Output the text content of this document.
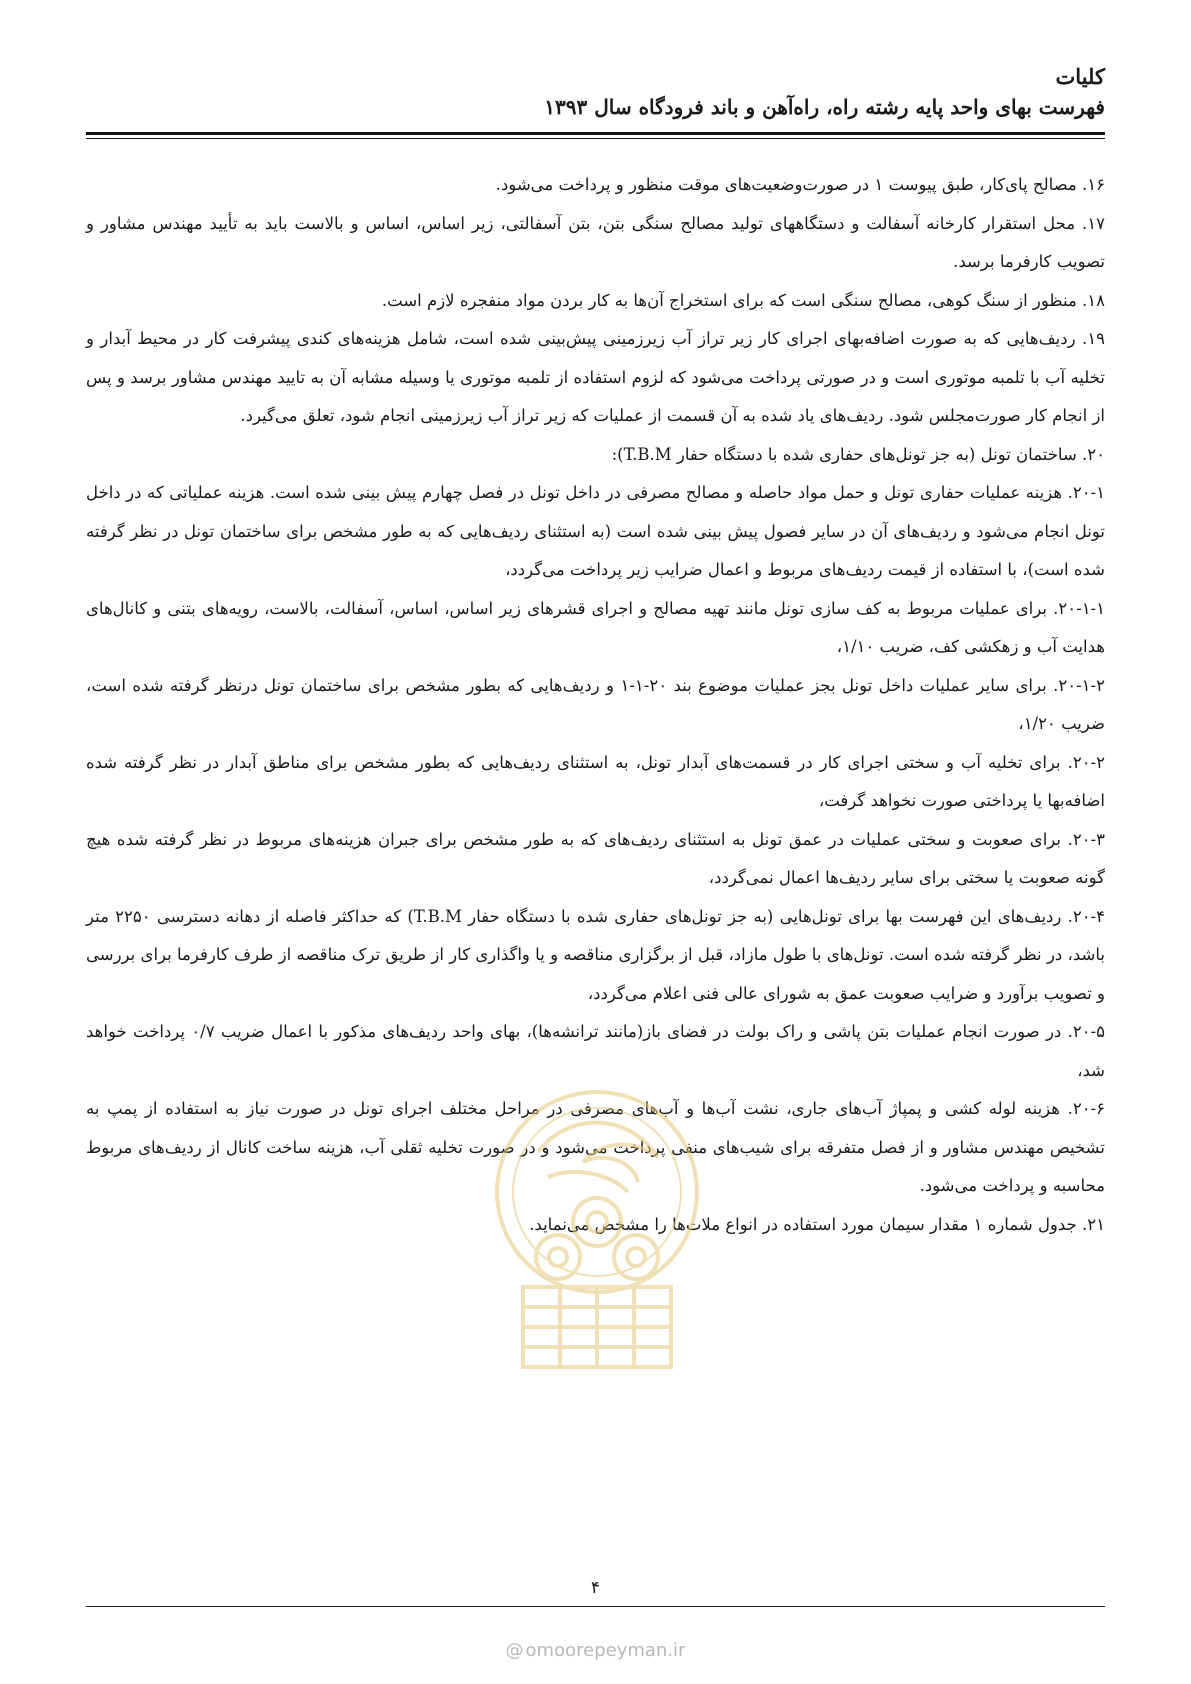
کلیات
فهرست بهای واحد پایه رشته راه، راه‌آهن و باند فرودگاه سال ۱۳۹۳

۱۶. مصالح پای‌کار، طبق پیوست ۱ در صورت‌وضعیت‌های موقت منظور و پرداخت می‌شود.

۱۷. محل استقرار کارخانه آسفالت و دستگاههای تولید مصالح سنگی بتن، بتن آسفالتی، زیر اساس، اساس و بالاست باید به تأیید مهندس مشاور و تصویب کارفرما برسد.

۱۸. منظور از سنگ کوهی، مصالح سنگی است که برای استخراج آن‌ها به کار بردن مواد منفجره لازم است.

۱۹. ردیف‌هایی که به صورت اضافه‌بهای اجرای کار زیر تراز آب زیرزمینی پیش‌بینی شده است، شامل هزینه‌های کندی پیشرفت کار در محیط آبدار و تخلیه آب با تلمبه موتوری است و در صورتی پرداخت می‌شود که لزوم استفاده از تلمبه موتوری یا وسیله مشابه آن به تایید مهندس مشاور برسد و پس از انجام کار صورت‌مجلس شود. ردیف‌های یاد شده به آن قسمت از عملیات که زیر تراز آب زیرزمینی انجام شود، تعلق می‌گیرد.

۲۰. ساختمان تونل (به جز تونل‌های حفاری شده با دستگاه حفار T.B.M):

۲۰-۱. هزینه عملیات حفاری تونل و حمل مواد حاصله و مصالح مصرفی در داخل تونل در فصل چهارم پیش بینی شده است. هزینه عملیاتی که در داخل تونل انجام می‌شود و ردیف‌های آن در سایر فصول پیش بینی شده است (به استثنای ردیف‌هایی که به طور مشخص برای ساختمان تونل در نظر گرفته شده است)، با استفاده از قیمت ردیف‌های مربوط و اعمال ضرایب زیر پرداخت می‌گردد،

۲۰-۱-۱. برای عملیات مربوط به کف سازی تونل مانند تهیه مصالح و اجرای قشرهای زیر اساس، اساس، آسفالت، بالاست، رویه‌های بتنی و کانال‌های هدایت آب و زهکشی کف، ضریب ۱/۱۰،

۲۰-۱-۲. برای سایر عملیات داخل تونل بجز عملیات موضوع بند ۲۰-۱-۱ و ردیف‌هایی که بطور مشخص برای ساختمان تونل درنظر گرفته شده است، ضریب ۱/۲۰،

۲۰-۲. برای تخلیه آب و سختی اجرای کار در قسمت‌های آبدار تونل، به استثنای ردیف‌هایی که بطور مشخص برای مناطق آبدار در نظر گرفته شده اضافه‌بها یا پرداختی صورت نخواهد گرفت،

۲۰-۳. برای صعوبت و سختی عملیات در عمق تونل به استثنای ردیف‌های که به طور مشخص برای جبران هزینه‌های مربوط در نظر گرفته شده هیچ گونه صعوبت یا سختی برای سایر ردیف‌ها اعمال نمی‌گردد،

۲۰-۴. ردیف‌های این فهرست بها برای تونل‌هایی (به جز تونل‌های حفاری شده با دستگاه حفار T.B.M) که حداکثر فاصله از دهانه دسترسی ۲۲۵۰ متر باشد، در نظر گرفته شده است. تونل‌های با طول مازاد، قبل از برگزاری مناقصه و یا واگذاری کار از طریق ترک مناقصه از طرف کارفرما برای بررسی و تصویب برآورد و ضرایب صعوبت عمق به شورای عالی فنی اعلام می‌گردد،

۲۰-۵. در صورت انجام عملیات بتن پاشی و راک بولت در فضای باز(مانند ترانشه‌ها)، بهای واحد ردیف‌های مذکور با اعمال ضریب ۰/۷ پرداخت خواهد شد،

۲۰-۶. هزینه لوله کشی و پمپاژ آب‌های جاری، نشت آب‌ها و آب‌های مصرفی در مراحل مختلف اجرای تونل در صورت نیاز به استفاده از پمپ به تشخیص مهندس مشاور و از فصل متفرقه برای شیب‌های منفی پرداخت می‌شود و در صورت تخلیه ثقلی آب، هزینه ساخت کانال از ردیف‌های مربوط محاسبه و پرداخت می‌شود.

۲۱. جدول شماره ۱ مقدار سیمان مورد استفاده در انواع ملات‌ها را مشخص می‌نماید.

۴
@ omoorepeyman.ir
